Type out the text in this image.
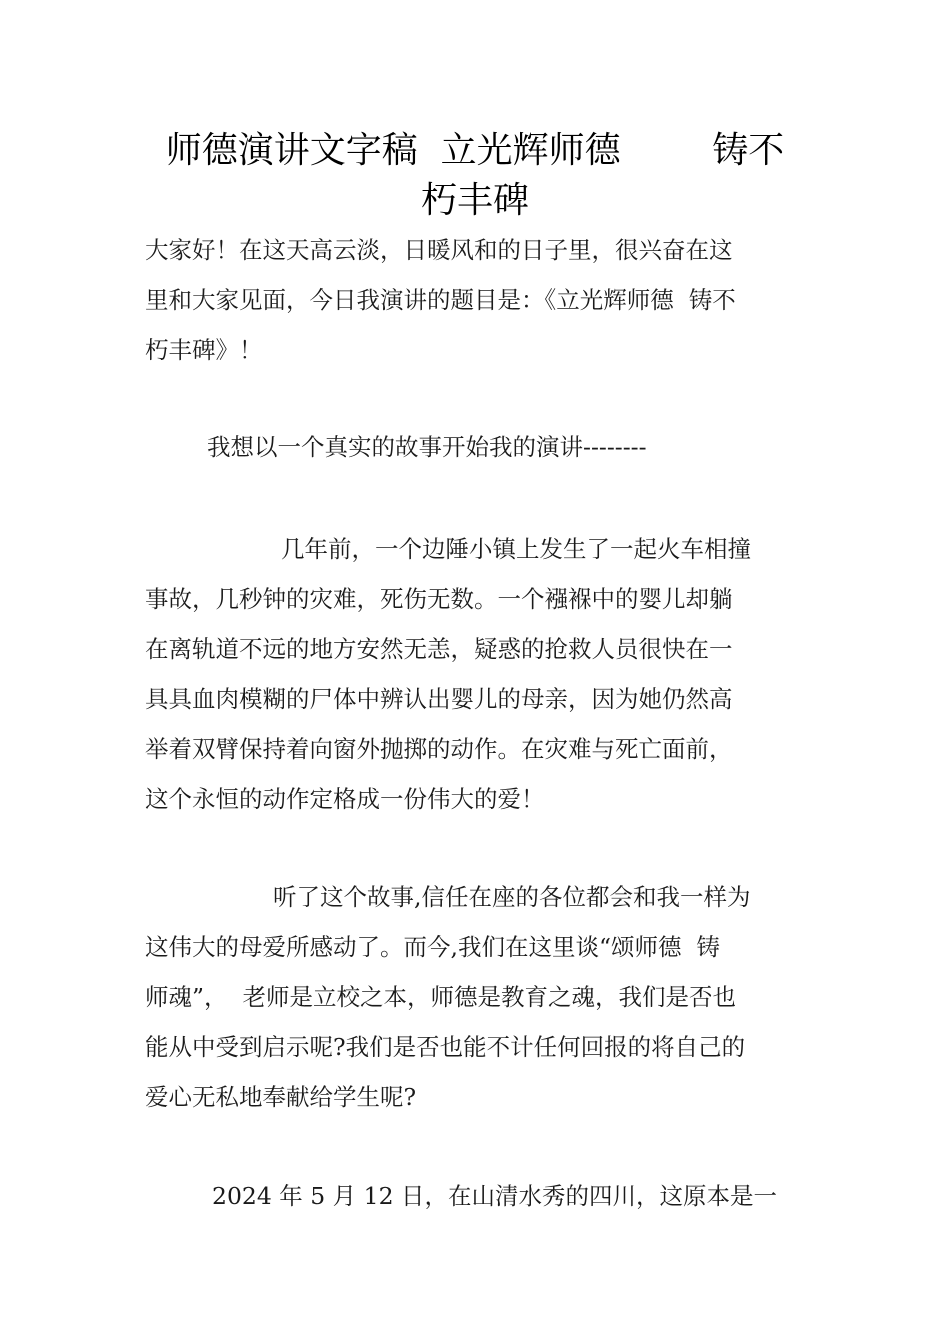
师德演讲文字稿  立光辉师德        铸不
朽丰碑
大家好！在这天高云淡，日暖风和的日子里，很兴奋在这
里和大家见面，今日我演讲的题目是：《立光辉师德  铸不
朽丰碑》！
我想以一个真实的故事开始我的演讲--------
几年前，一个边陲小镇上发生了一起火车相撞
事故，几秒钟的灾难，死伤无数。一个襁褓中的婴儿却躺
在离轨道不远的地方安然无恙，疑惑的抢救人员很快在一
具具血肉模糊的尸体中辨认出婴儿的母亲，因为她仍然高
举着双臂保持着向窗外抛掷的动作。在灾难与死亡面前，
这个永恒的动作定格成一份伟大的爱！
听了这个故事,信任在座的各位都会和我一样为
这伟大的母爱所感动了。而今,我们在这里谈“颂师德  铸
师魂”，  老师是立校之本，师德是教育之魂，我们是否也
能从中受到启示呢?我们是否也能不计任何回报的将自己的
爱心无私地奉献给学生呢?
2024 年 5 月 12 日，在山清水秀的四川，这原本是一
